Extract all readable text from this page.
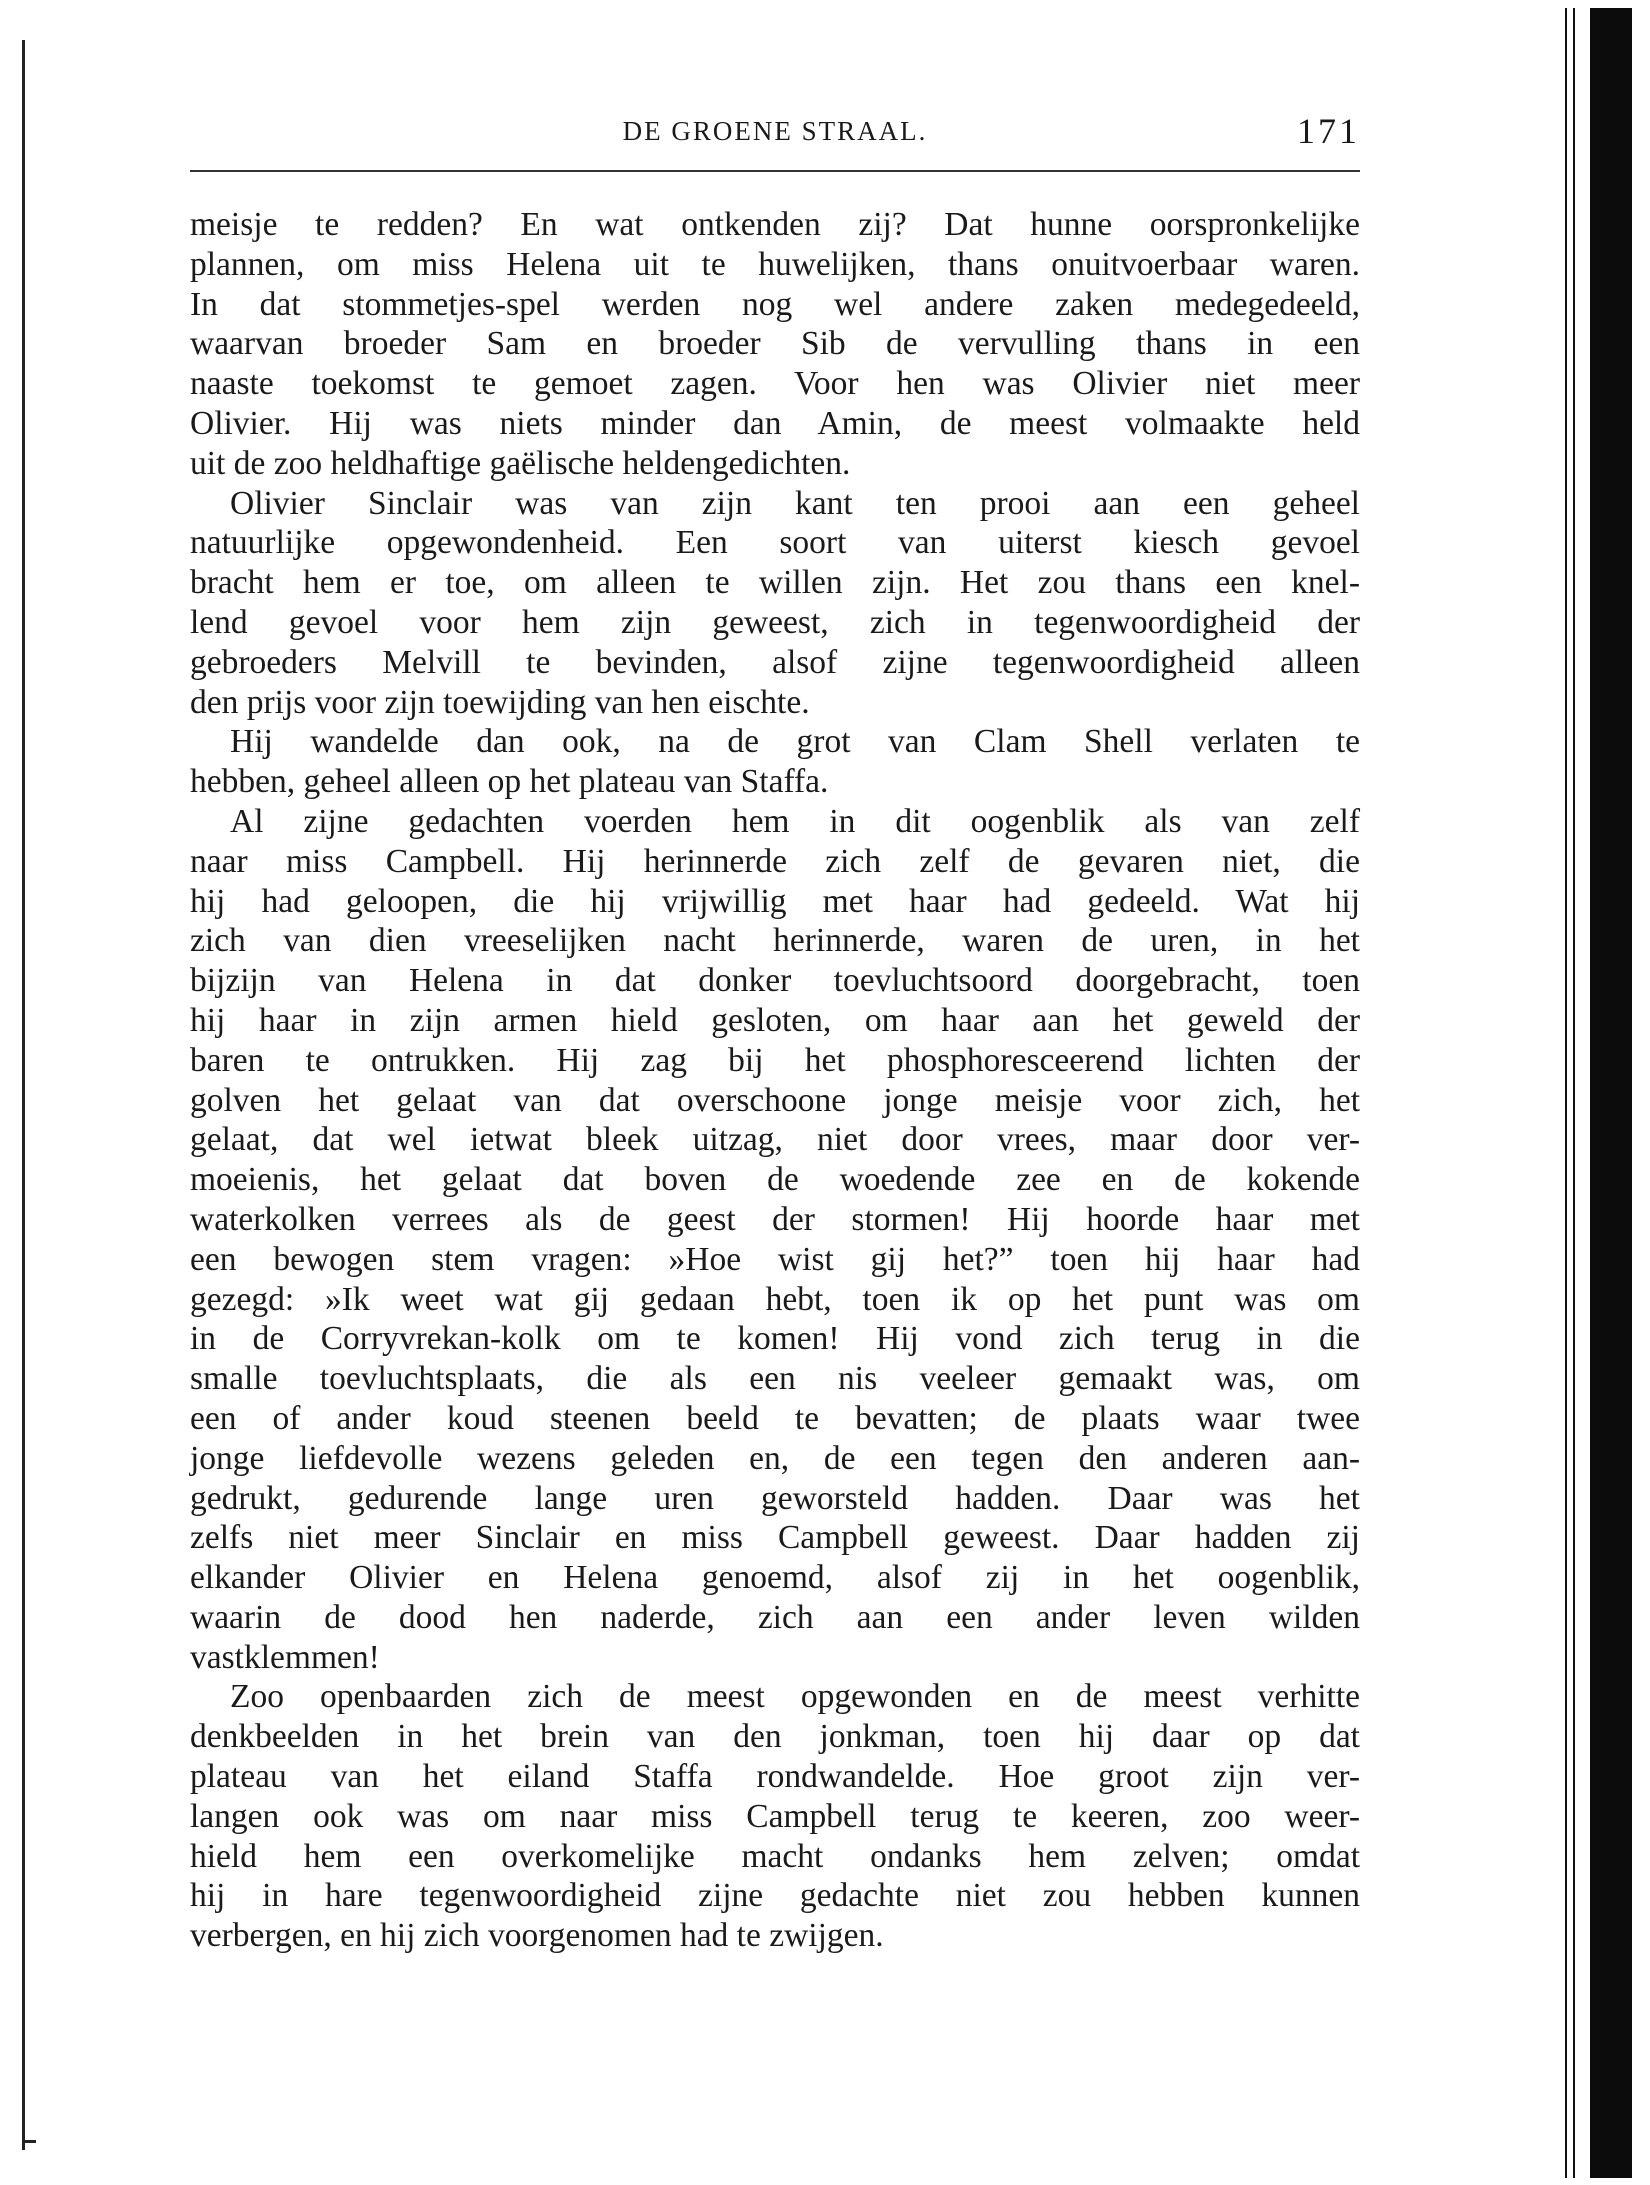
DE GROENE STRAAL.	171
meisje te redden? En wat ontkenden zij? Dat hunne oorspronkelijke
plannen, om miss Helena uit te huwelijken, thans onuitvoerbaar waren.
In dat stommetjes-spel werden nog wel andere zaken medegedeeld,
waarvan broeder Sam en broeder Sib de vervulling thans in een
naaste toekomst te gemoet zagen. Voor hen was Olivier niet meer
Olivier. Hij was niets minder dan Amin, de meest volmaakte held
uit de zoo heldhaftige gaëlische heldengedichten.
Olivier Sinclair was van zijn kant ten prooi aan een geheel
natuurlijke opgewondenheid. Een soort van uiterst kiesch gevoel
bracht hem er toe, om alleen te willen zijn. Het zou thans een knel-
lend gevoel voor hem zijn geweest, zich in tegenwoordigheid der
gebroeders Melvill te bevinden, alsof zijne tegenwoordigheid alleen
den prijs voor zijn toewijding van hen eischte.
Hij wandelde dan ook, na de grot van Clam Shell verlaten te
hebben, geheel alleen op het plateau van Staffa.
Al zijne gedachten voerden hem in dit oogenblik als van zelf
naar miss Campbell. Hij herinnerde zich zelf de gevaren niet, die
hij had geloopen, die hij vrijwillig met haar had gedeeld. Wat hij
zich van dien vreeselijken nacht herinnerde, waren de uren, in het
bijzijn van Helena in dat donker toevluchtsoord doorgebracht, toen
hij haar in zijn armen hield gesloten, om haar aan het geweld der
baren te ontrukken. Hij zag bij het phosphoresceerend lichten der
golven het gelaat van dat overschoone jonge meisje voor zich, het
gelaat, dat wel ietwat bleek uitzag, niet door vrees, maar door ver-
moeienis, het gelaat dat boven de woedende zee en de kokende
waterkolken verrees als de geest der stormen! Hij hoorde haar met
een bewogen stem vragen: »Hoe wist gij het?” toen hij haar had
gezegd: »Ik weet wat gij gedaan hebt, toen ik op het punt was om
in de Corryvrekan-kolk om te komen! Hij vond zich terug in die
smalle toevluchtsplaats, die als een nis veeleer gemaakt was, om
een of ander koud steenen beeld te bevatten; de plaats waar twee
jonge liefdevolle wezens geleden en, de een tegen den anderen aan-
gedrukt, gedurende lange uren geworsteld hadden. Daar was het
zelfs niet meer Sinclair en miss Campbell geweest. Daar hadden zij
elkander Olivier en Helena genoemd, alsof zij in het oogenblik,
waarin de dood hen naderde, zich aan een ander leven wilden
vastklemmen!
Zoo openbaarden zich de meest opgewonden en de meest verhitte
denkbeelden in het brein van den jonkman, toen hij daar op dat
plateau van het eiland Staffa rondwandelde. Hoe groot zijn ver-
langen ook was om naar miss Campbell terug te keeren, zoo weer-
hield hem een overkomelijke macht ondanks hem zelven; omdat
hij in hare tegenwoordigheid zijne gedachte niet zou hebben kunnen
verbergen, en hij zich voorgenomen had te zwijgen.
